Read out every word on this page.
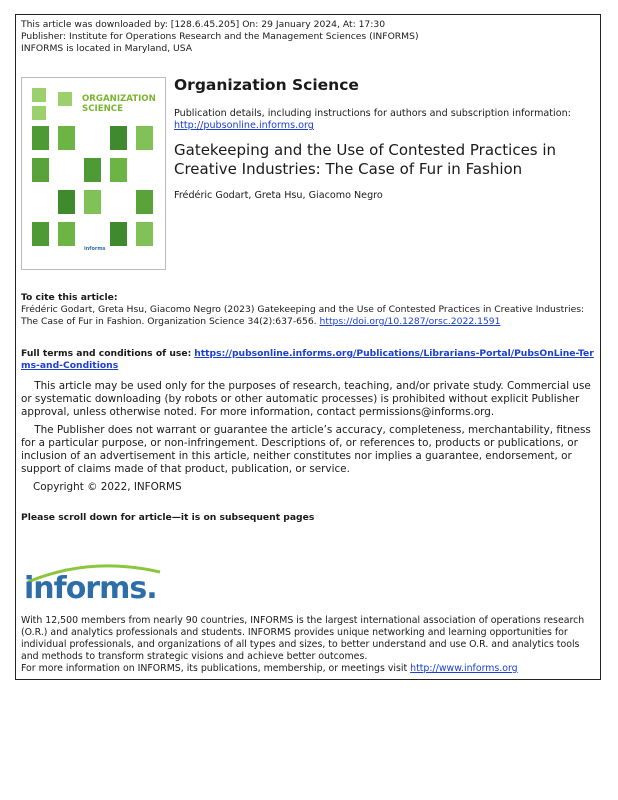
This article was downloaded by: [128.6.45.205] On: 29 January 2024, At: 17:30
Publisher: Institute for Operations Research and the Management Sciences (INFORMS)
INFORMS is located in Maryland, USA
ORGANIZATION SCIENCE
informs
Organization Science
Publication details, including instructions for authors and subscription information:
http://pubsonline.informs.org
Gatekeeping and the Use of Contested Practices in Creative Industries: The Case of Fur in Fashion
Frédéric Godart, Greta Hsu, Giacomo Negro
To cite this article:
Frédéric Godart, Greta Hsu, Giacomo Negro (2023) Gatekeeping and the Use of Contested Practices in Creative Industries: The Case of Fur in Fashion. Organization Science 34(2):637-656. https://doi.org/10.1287/orsc.2022.1591
Full terms and conditions of use: https://pubsonline.informs.org/Publications/Librarians-Portal/PubsOnLine-Terms-and-Conditions
This article may be used only for the purposes of research, teaching, and/or private study. Commercial use or systematic downloading (by robots or other automatic processes) is prohibited without explicit Publisher approval, unless otherwise noted. For more information, contact permissions@informs.org.
The Publisher does not warrant or guarantee the article’s accuracy, completeness, merchantability, fitness for a particular purpose, or non-infringement. Descriptions of, or references to, products or publications, or inclusion of an advertisement in this article, neither constitutes nor implies a guarantee, endorsement, or support of claims made of that product, publication, or service.
Copyright © 2022, INFORMS
Please scroll down for article—it is on subsequent pages
informs.
With 12,500 members from nearly 90 countries, INFORMS is the largest international association of operations research (O.R.) and analytics professionals and students. INFORMS provides unique networking and learning opportunities for individual professionals, and organizations of all types and sizes, to better understand and use O.R. and analytics tools and methods to transform strategic visions and achieve better outcomes.
For more information on INFORMS, its publications, membership, or meetings visit http://www.informs.org
